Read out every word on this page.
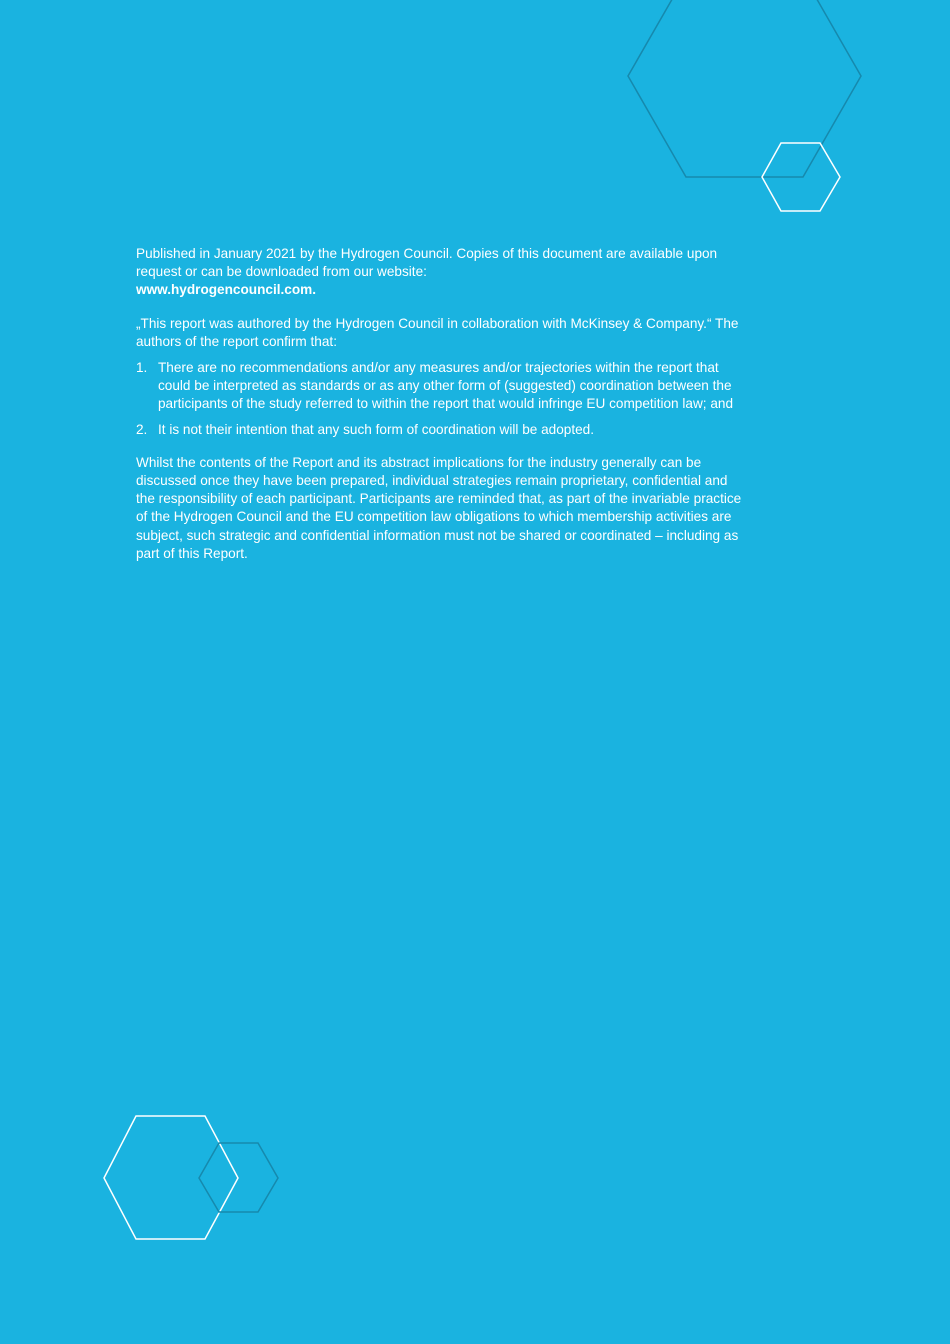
Published in January 2021 by the Hydrogen Council. Copies of this document are available upon request or can be downloaded from our website:
www.hydrogencouncil.com.

„This report was authored by the Hydrogen Council in collaboration with McKinsey & Company.“ The authors of the report confirm that:

1. There are no recommendations and/or any measures and/or trajectories within the report that could be interpreted as standards or as any other form of (suggested) coordination between the participants of the study referred to within the report that would infringe EU competition law; and
2. It is not their intention that any such form of coordination will be adopted.

Whilst the contents of the Report and its abstract implications for the industry generally can be discussed once they have been prepared, individual strategies remain proprietary, confidential and the responsibility of each participant. Participants are reminded that, as part of the invariable practice of the Hydrogen Council and the EU competition law obligations to which membership activities are subject, such strategic and confidential information must not be shared or coordinated – including as part of this Report.
